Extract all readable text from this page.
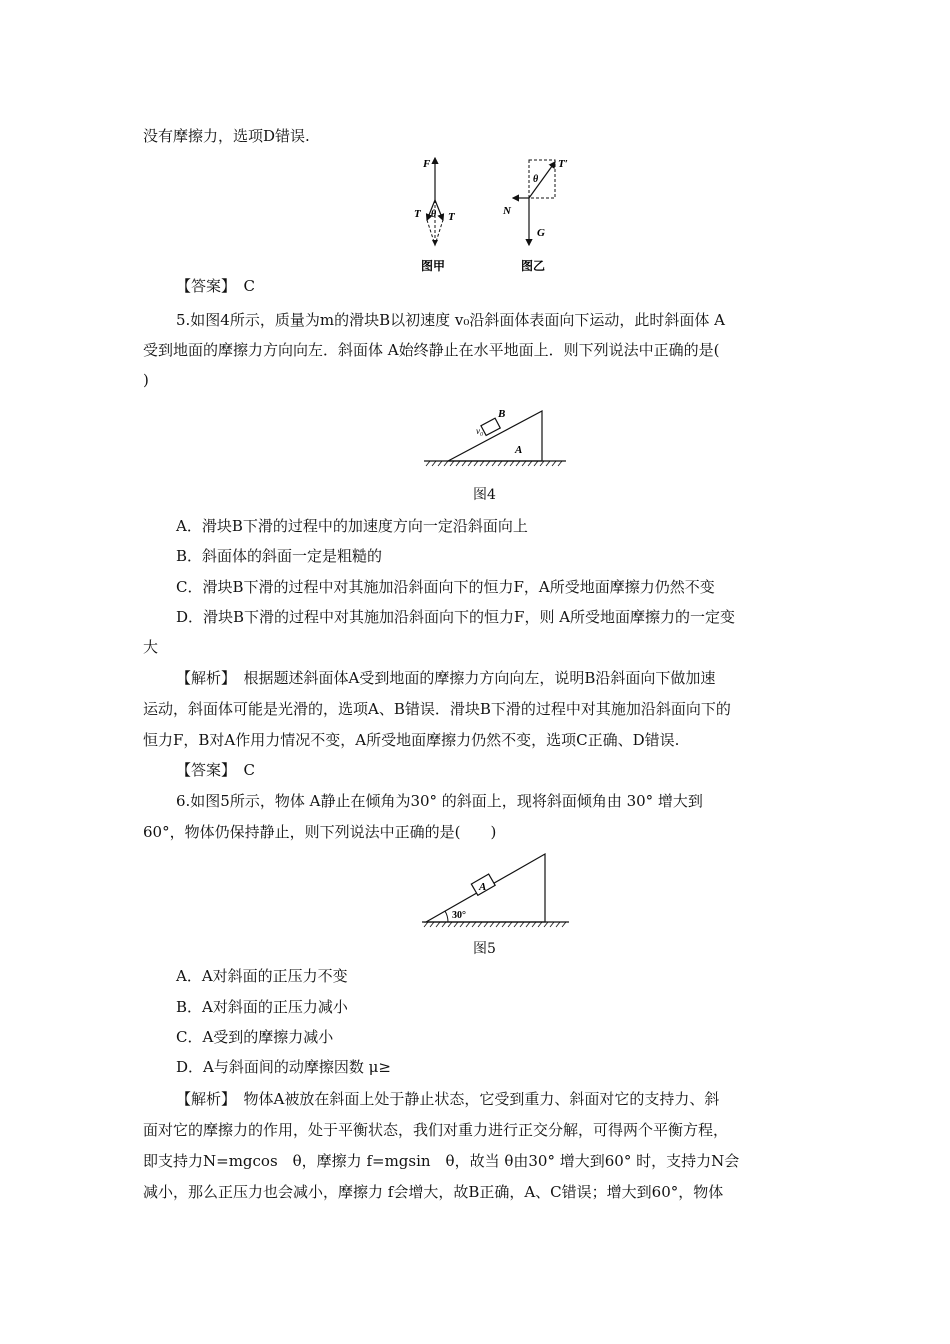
没有摩擦力，选项D错误.
F
T θ T
图甲
T′
θ
N
G
图乙
【答案】　C
5.如图4所示，质量为m的滑块B以初速度 v₀沿斜面体表面向下运动，此时斜面体 A
受到地面的摩擦力方向向左．斜面体 A始终静止在水平地面上．则下列说法中正确的是(
)
B
v₀
A
图4
A．滑块B下滑的过程中的加速度方向一定沿斜面向上
B．斜面体的斜面一定是粗糙的
C．滑块B下滑的过程中对其施加沿斜面向下的恒力F，A所受地面摩擦力仍然不变
D．滑块B下滑的过程中对其施加沿斜面向下的恒力F，则 A所受地面摩擦力的一定变
大
【解析】　根据题述斜面体A受到地面的摩擦力方向向左，说明B沿斜面向下做加速
运动，斜面体可能是光滑的，选项A、B错误．滑块B下滑的过程中对其施加沿斜面向下的
恒力F，B对A作用力情况不变，A所受地面摩擦力仍然不变，选项C正确、D错误.
【答案】　C
6.如图5所示，物体 A静止在倾角为30° 的斜面上，现将斜面倾角由 30° 增大到
60°，物体仍保持静止，则下列说法中正确的是(　　)
A
30°
图5
A．A对斜面的正压力不变
B．A对斜面的正压力减小
C．A受到的摩擦力减小
D．A与斜面间的动摩擦因数 μ≥
【解析】　物体A被放在斜面上处于静止状态，它受到重力、斜面对它的支持力、斜
面对它的摩擦力的作用，处于平衡状态，我们对重力进行正交分解，可得两个平衡方程，
即支持力N=mgcos　θ，摩擦力 f=mgsin　θ，故当 θ由30° 增大到60° 时，支持力N会
减小，那么正压力也会减小，摩擦力 f会增大，故B正确，A、C错误；增大到60°，物体
